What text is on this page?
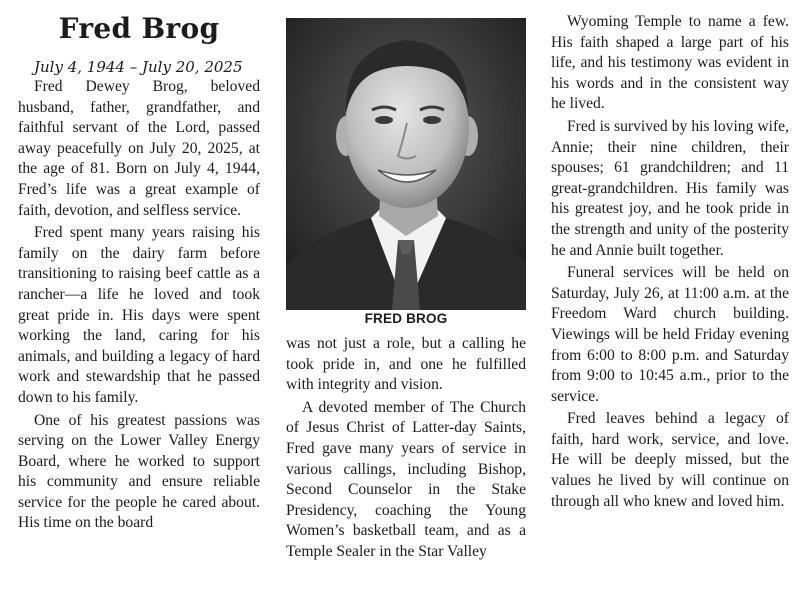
Fred Brog
July 4, 1944 – July 20, 2025

Fred Dewey Brog, beloved husband, father, grandfather, and faithful servant of the Lord, passed away peacefully on July 20, 2025, at the age of 81. Born on July 4, 1944, Fred’s life was a great example of faith, devotion, and selfless service.

Fred spent many years raising his family on the dairy farm before transitioning to raising beef cattle as a rancher—a life he loved and took great pride in. His days were spent working the land, caring for his animals, and building a legacy of hard work and stewardship that he passed down to his family.

One of his greatest passions was serving on the Lower Valley Energy Board, where he worked to support his community and ensure reliable service for the people he cared about. His time on the board

FRED BROG

was not just a role, but a calling he took pride in, and one he fulfilled with integrity and vision.

A devoted member of The Church of Jesus Christ of Latter-day Saints, Fred gave many years of service in various callings, including Bishop, Second Counselor in the Stake Presidency, coaching the Young Women’s basketball team, and as a Temple Sealer in the Star Valley

Wyoming Temple to name a few. His faith shaped a large part of his life, and his testimony was evident in his words and in the consistent way he lived.

Fred is survived by his loving wife, Annie; their nine children, their spouses; 61 grandchildren; and 11 great-grandchildren. His family was his greatest joy, and he took pride in the strength and unity of the posterity he and Annie built together.

Funeral services will be held on Saturday, July 26, at 11:00 a.m. at the Freedom Ward church building. Viewings will be held Friday evening from 6:00 to 8:00 p.m. and Saturday from 9:00 to 10:45 a.m., prior to the service.

Fred leaves behind a legacy of faith, hard work, service, and love. He will be deeply missed, but the values he lived by will continue on through all who knew and loved him.
